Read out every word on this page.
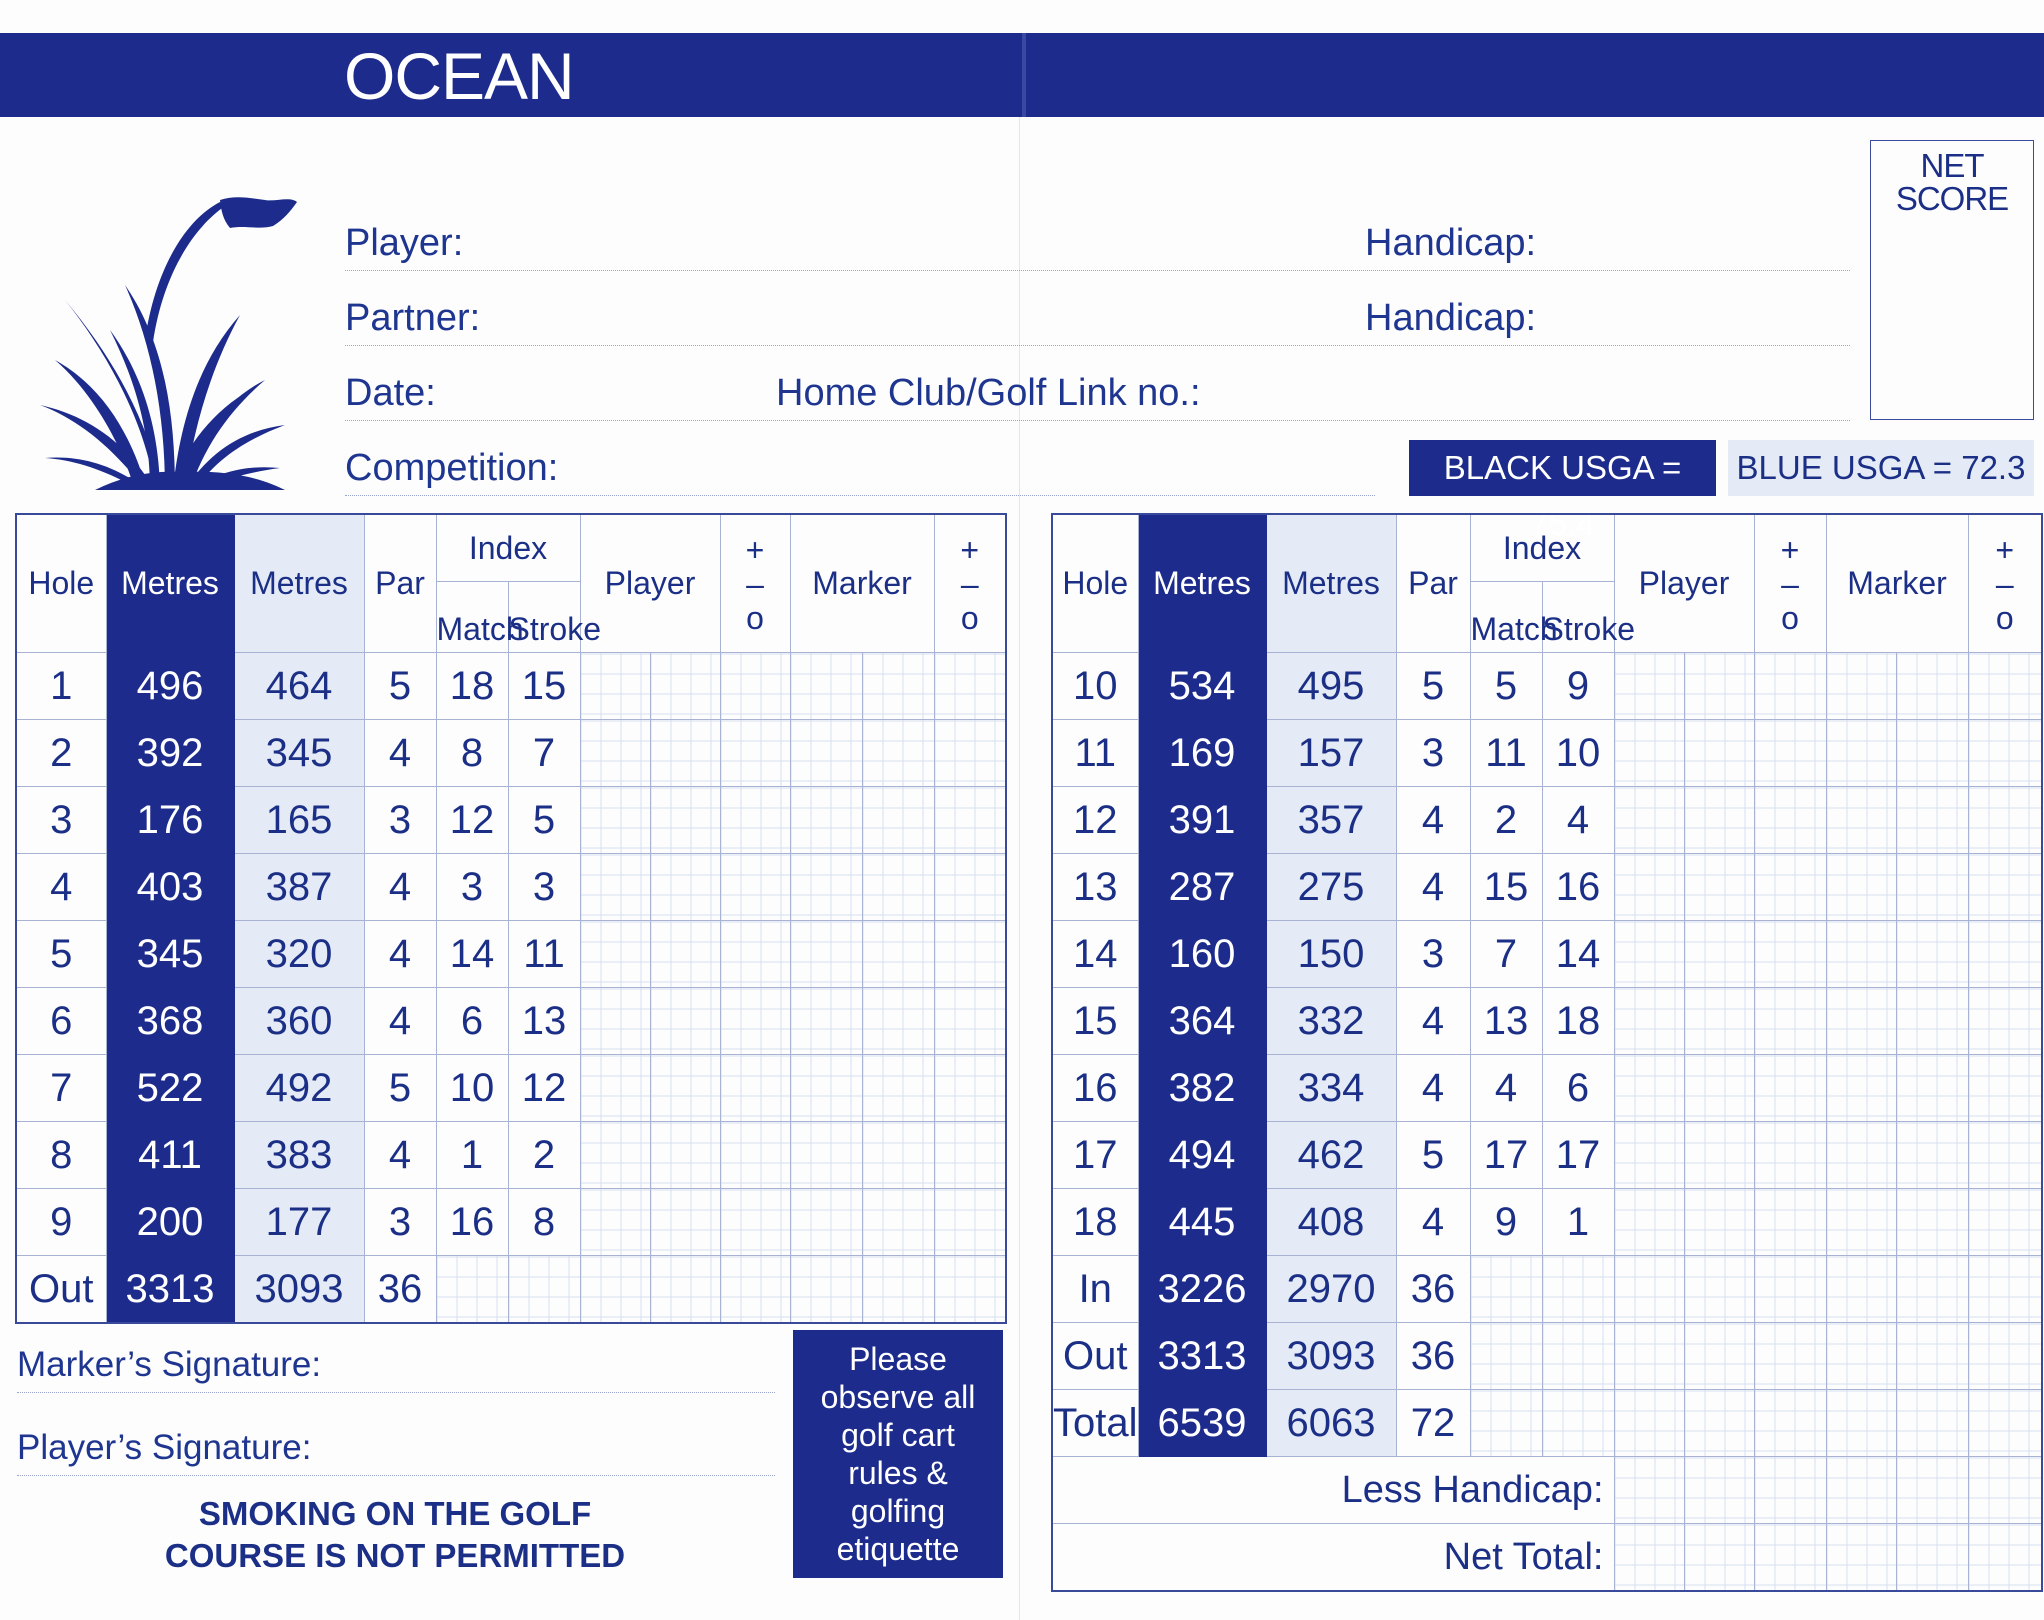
OCEAN
Player:	Handicap:
Partner:	Handicap:
Date:	Home Club/Golf Link no.:
Competition:
NET
SCORE
BLACK USGA = 75.4
BLUE USGA = 72.3
Hole	Metres	Metres	Par	Index		Player		+
–
o	Marker		+
–
o
				Match	Stroke						
1	496	464	5	18	15						
2	392	345	4	8	7						
3	176	165	3	12	5						
4	403	387	4	3	3						
5	345	320	4	14	11						
6	368	360	4	6	13						
7	522	492	5	10	12						
8	411	383	4	1	2						
9	200	177	3	16	8						
Out	3313	3093	36								
Hole	Metres	Metres	Par	Index		Player		+
–
o	Marker		+
–
o
				Match	Stroke						
10	534	495	5	5	9						
11	169	157	3	11	10						
12	391	357	4	2	4						
13	287	275	4	15	16						
14	160	150	3	7	14						
15	364	332	4	13	18						
16	382	334	4	4	6						
17	494	462	5	17	17						
18	445	408	4	9	1						
In	3226	2970	36								
Out	3313	3093	36								
Total	6539	6063	72								
Less Handicap:											
Net Total:											
Marker’s Signature:
Player’s Signature:
SMOKING ON THE GOLF
COURSE IS NOT PERMITTED
Please
observe all
golf cart
rules &
golfing
etiquette
